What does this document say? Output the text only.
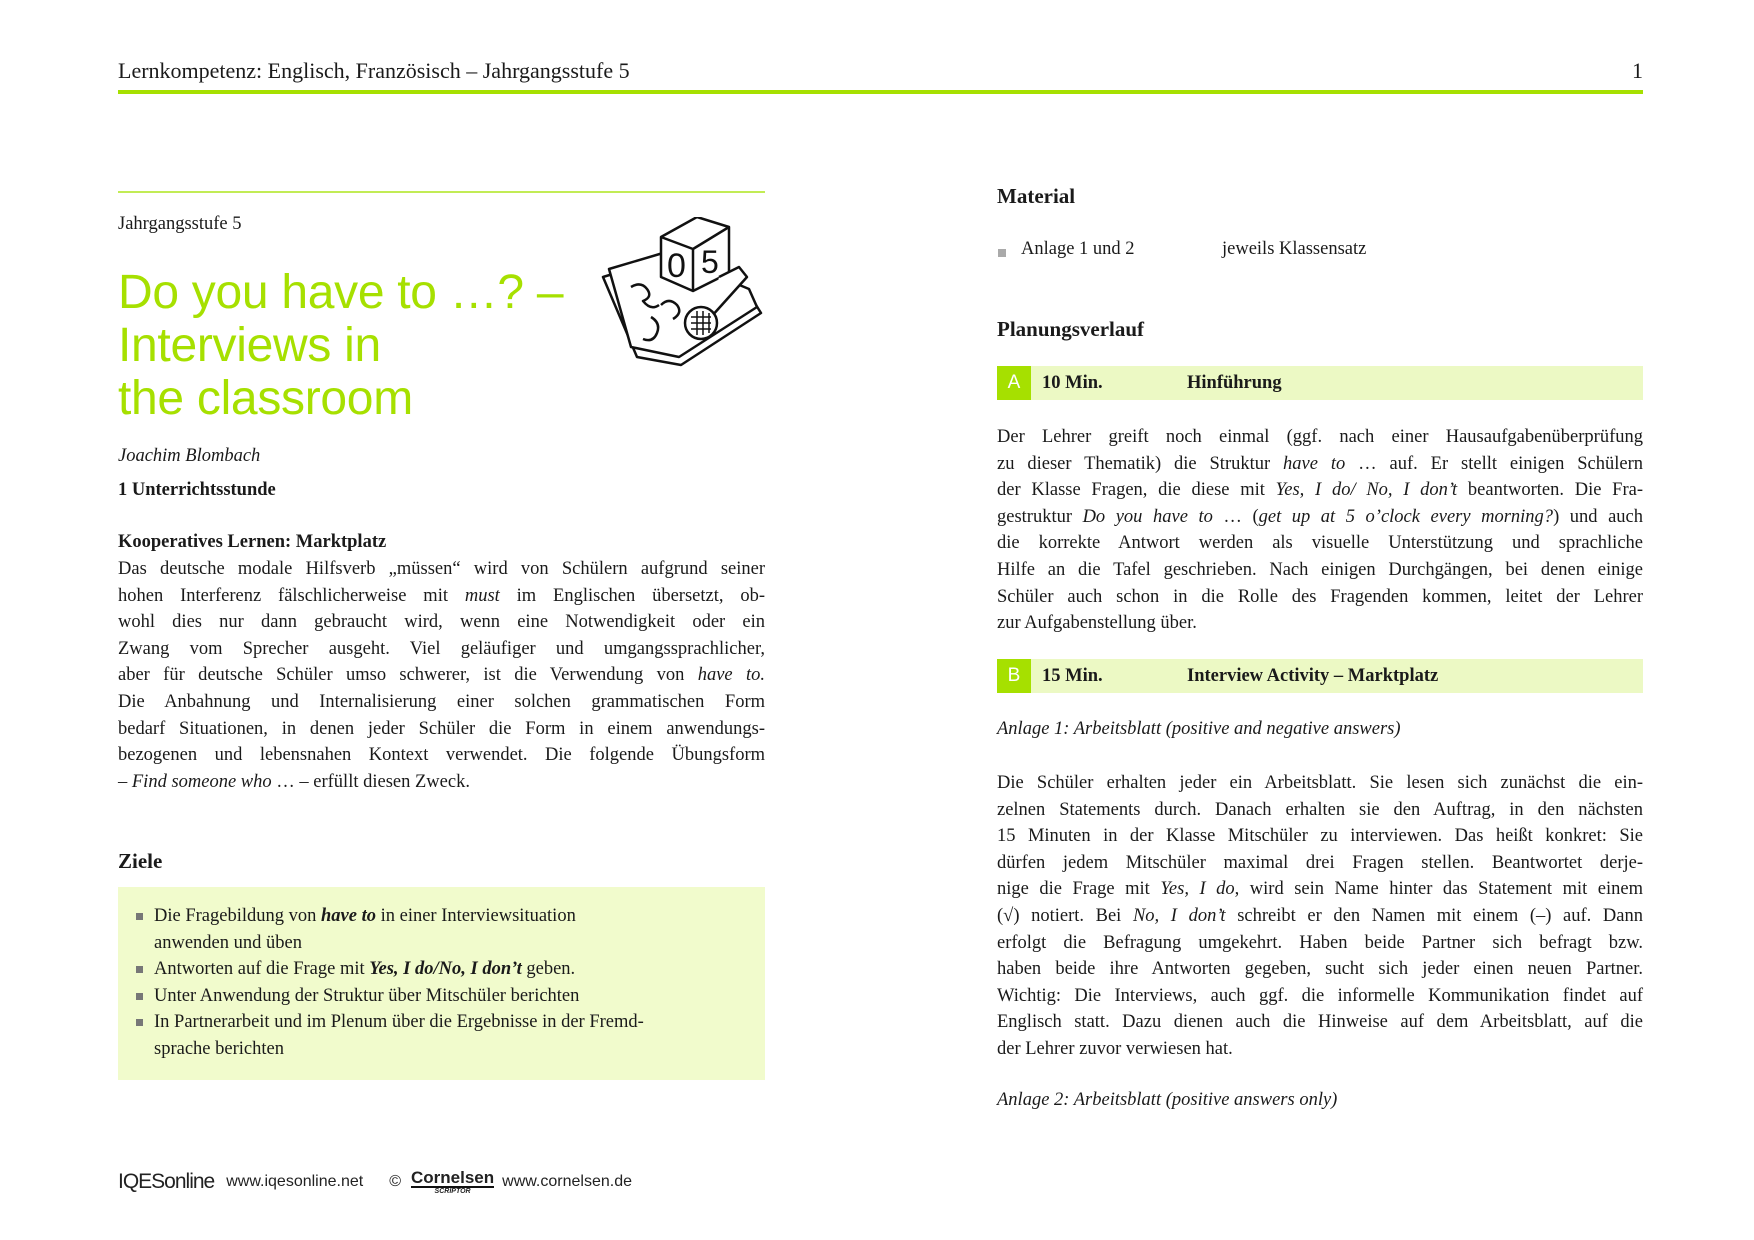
Lernkompetenz: Englisch, Französisch – Jahrgangsstufe 5	1
Jahrgangsstufe 5
Do you have to …? –
Interviews in
the classroom
0 5
Joachim Blombach
1 Unterrichtsstunde
Kooperatives Lernen: Marktplatz
Das deutsche modale Hilfsverb „müssen“ wird von Schülern aufgrund seiner
hohen Interferenz fälschlicherweise mit must im Englischen übersetzt, ob-
wohl dies nur dann gebraucht wird, wenn eine Notwendigkeit oder ein
Zwang vom Sprecher ausgeht. Viel geläufiger und umgangssprachlicher,
aber für deutsche Schüler umso schwerer, ist die Verwendung von have to.
Die Anbahnung und Internalisierung einer solchen grammatischen Form
bedarf Situationen, in denen jeder Schüler die Form in einem anwendungs-
bezogenen und lebensnahen Kontext verwendet. Die folgende Übungsform
– Find someone who … – erfüllt diesen Zweck.
Ziele
Die Fragebildung von have to in einer Interviewsituation
anwenden und üben
Antworten auf die Frage mit Yes, I do/No, I don’t geben.
Unter Anwendung der Struktur über Mitschüler berichten
In Partnerarbeit und im Plenum über die Ergebnisse in der Fremd-
sprache berichten
Material
Anlage 1 und 2	jeweils Klassensatz
Planungsverlauf
A	10 Min.	Hinführung
Der Lehrer greift noch einmal (ggf. nach einer Hausaufgabenüberprüfung
zu dieser Thematik) die Struktur have to … auf. Er stellt einigen Schülern
der Klasse Fragen, die diese mit Yes, I do/ No, I don’t beantworten. Die Fra-
gestruktur Do you have to … (get up at 5 o’clock every morning?) und auch
die korrekte Antwort werden als visuelle Unterstützung und sprachliche
Hilfe an die Tafel geschrieben. Nach einigen Durchgängen, bei denen einige
Schüler auch schon in die Rolle des Fragenden kommen, leitet der Lehrer
zur Aufgabenstellung über.
B	15 Min.	Interview Activity – Marktplatz
Anlage 1: Arbeitsblatt (positive and negative answers)
Die Schüler erhalten jeder ein Arbeitsblatt. Sie lesen sich zunächst die ein-
zelnen Statements durch. Danach erhalten sie den Auftrag, in den nächsten
15 Minuten in der Klasse Mitschüler zu interviewen. Das heißt konkret: Sie
dürfen jedem Mitschüler maximal drei Fragen stellen. Beantwortet derje-
nige die Frage mit Yes, I do, wird sein Name hinter das Statement mit einem
(√) notiert. Bei No, I don’t schreibt er den Namen mit einem (–) auf. Dann
erfolgt die Befragung umgekehrt. Haben beide Partner sich befragt bzw.
haben beide ihre Antworten gegeben, sucht sich jeder einen neuen Partner.
Wichtig: Die Interviews, auch ggf. die informelle Kommunikation findet auf
Englisch statt. Dazu dienen auch die Hinweise auf dem Arbeitsblatt, auf die
der Lehrer zuvor verwiesen hat.
Anlage 2: Arbeitsblatt (positive answers only)
IQESonline www.iqesonline.net © Cornelsen
SCRIPTOR
www.cornelsen.de
